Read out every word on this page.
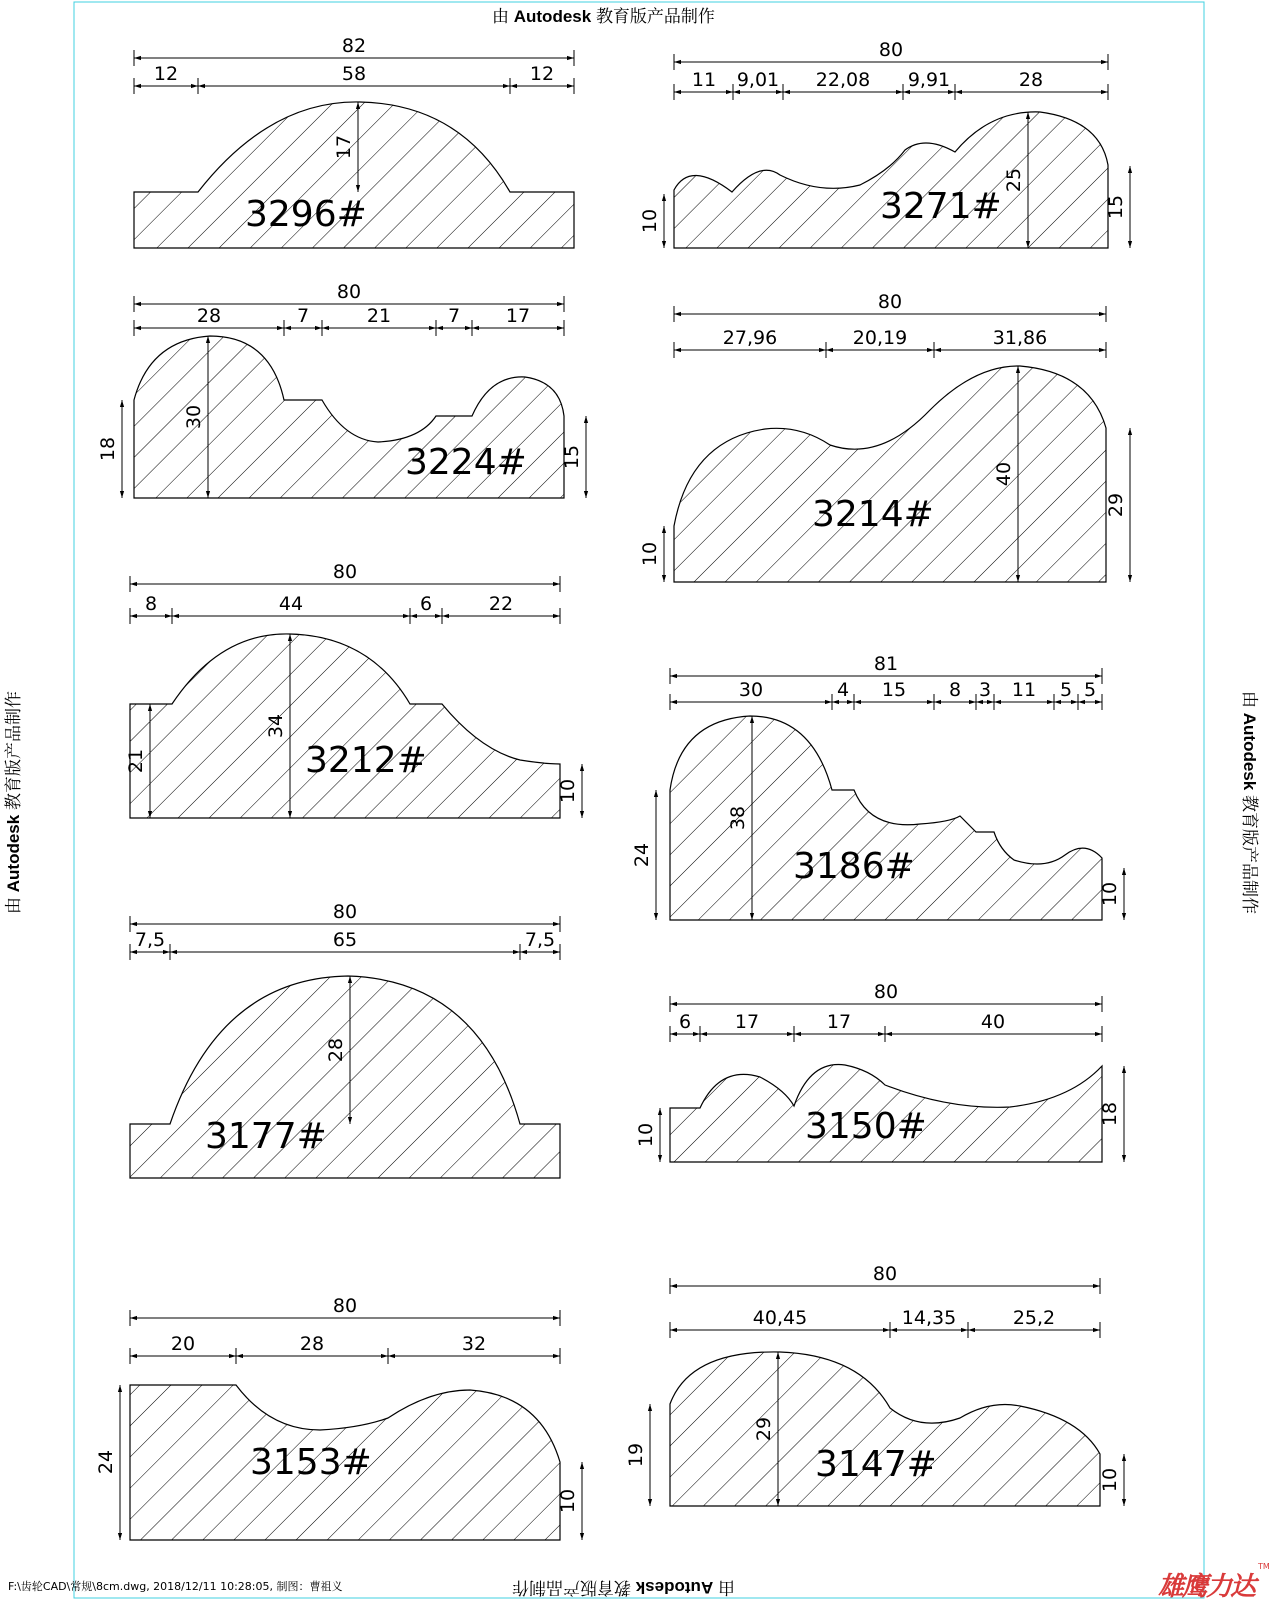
82
12	58	12
17
80
11 9,01 22,08 9,91	28
25
10
15
80
28	7	21	7 17
30
18	15
80
27,96	20,19	31,86
40
10
29
80
8	44	6	22
34
21
10
81
30	4 15 8 3 11 5 5
38
24
10
80
7,5	65	7,5
28
80
6 17	17	40
10
18
80
20	28	32
24
10
80
40,45	14,35	25,2
29
19
10
3296#	3271#
3224#
3214#
3212#
3186#
3177#	3150#
3153#	3147#
由 Autodesk 教育版产品制作
由 Autodesk 教育版产品制作
由 Autodesk 教育版产品制作	由 Autodesk 教育版产品制作
F:\齿轮CAD\常规\8cm.dwg, 2018/12/11 10:28:05, 制图：曹祖义	雄鹰力达
TM
